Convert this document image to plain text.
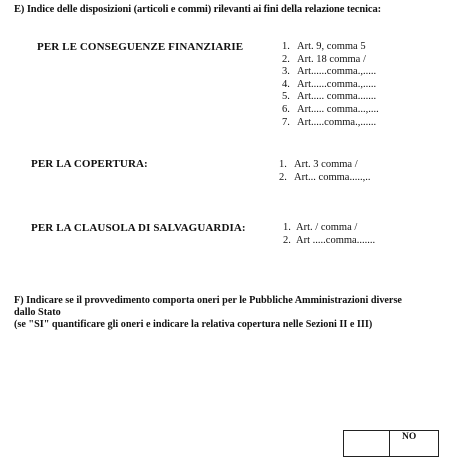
E) Indice delle disposizioni (articoli e commi) rilevanti ai fini della relazione tecnica:
PER LE CONSEGUENZE FINANZIARIE	1. Art. 9, comma 5
2. Art. 18 comma /
3. Art......comma.,.....
4. Art......comma.,.....
5. Art..... comma.......
6. Art..... comma...,....
7. Art.....comma.,......
PER LA COPERTURA:	1. Art. 3 comma /
2. Art... comma.....,..
PER LA CLAUSOLA DI SALVAGUARDIA:	1. Art. / comma /
2. Art .....comma.......
F) Indicare se il provvedimento comporta oneri per le Pubbliche Amministrazioni diverse
dallo Stato
(se "SI" quantificare gli oneri e indicare la relativa copertura nelle Sezioni II e III)
NO
